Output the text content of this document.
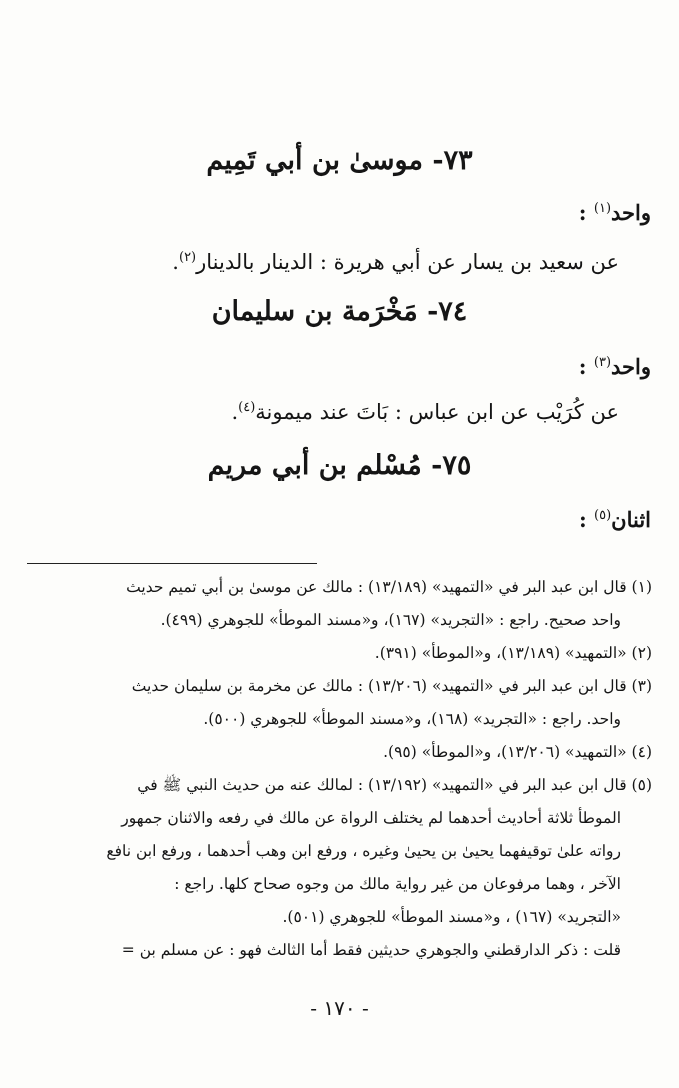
٧٣- موسىٰ بن أبي تَمِيم
واحد$^{(١)}$ :
عن سعيد بن يسار عن أبي هريرة : الدينار بالدينار$^{(٢)}$.
٧٤- مَخْرَمة بن سليمان
واحد$^{(٣)}$ :
عن كُرَيْب عن ابن عباس : بَاتَ عند ميمونة$^{(٤)}$.
٧٥- مُسْلم بن أبي مريم
اثنان$^{(٥)}$ :
(١) قال ابن عبد البر في «التمهيد» (١٣/١٨٩) : مالك عن موسىٰ بن أبي تميم حديث
واحد صحيح. راجع : «التجريد» (١٦٧)، و«مسند الموطأ» للجوهري (٤٩٩).
(٢) «التمهيد» (١٣/١٨٩)، و«الموطأ» (٣٩١).
(٣) قال ابن عبد البر في «التمهيد» (١٣/٢٠٦) : مالك عن مخرمة بن سليمان حديث
واحد. راجع : «التجريد» (١٦٨)، و«مسند الموطأ» للجوهري (٥٠٠).
(٤) «التمهيد» (١٣/٢٠٦)، و«الموطأ» (٩٥).
(٥) قال ابن عبد البر في «التمهيد» (١٣/١٩٢) : لمالك عنه من حديث النبي ﷺ في
الموطأ ثلاثة أحاديث أحدهما لم يختلف الرواة عن مالك في رفعه والاثنان جمهور
رواته علىٰ توقيفهما يحيىٰ بن يحيىٰ وغيره ، ورفع ابن وهب أحدهما ، ورفع ابن نافع
الآخر ، وهما مرفوعان من غير رواية مالك من وجوه صحاح كلها. راجع :
«التجريد» (١٦٧) ، و«مسند الموطأ» للجوهري (٥٠١).
قلت : ذكر الدارقطني والجوهري حديثين فقط أما الثالث فهو : عن مسلم بن =
- ١٧٠ -
